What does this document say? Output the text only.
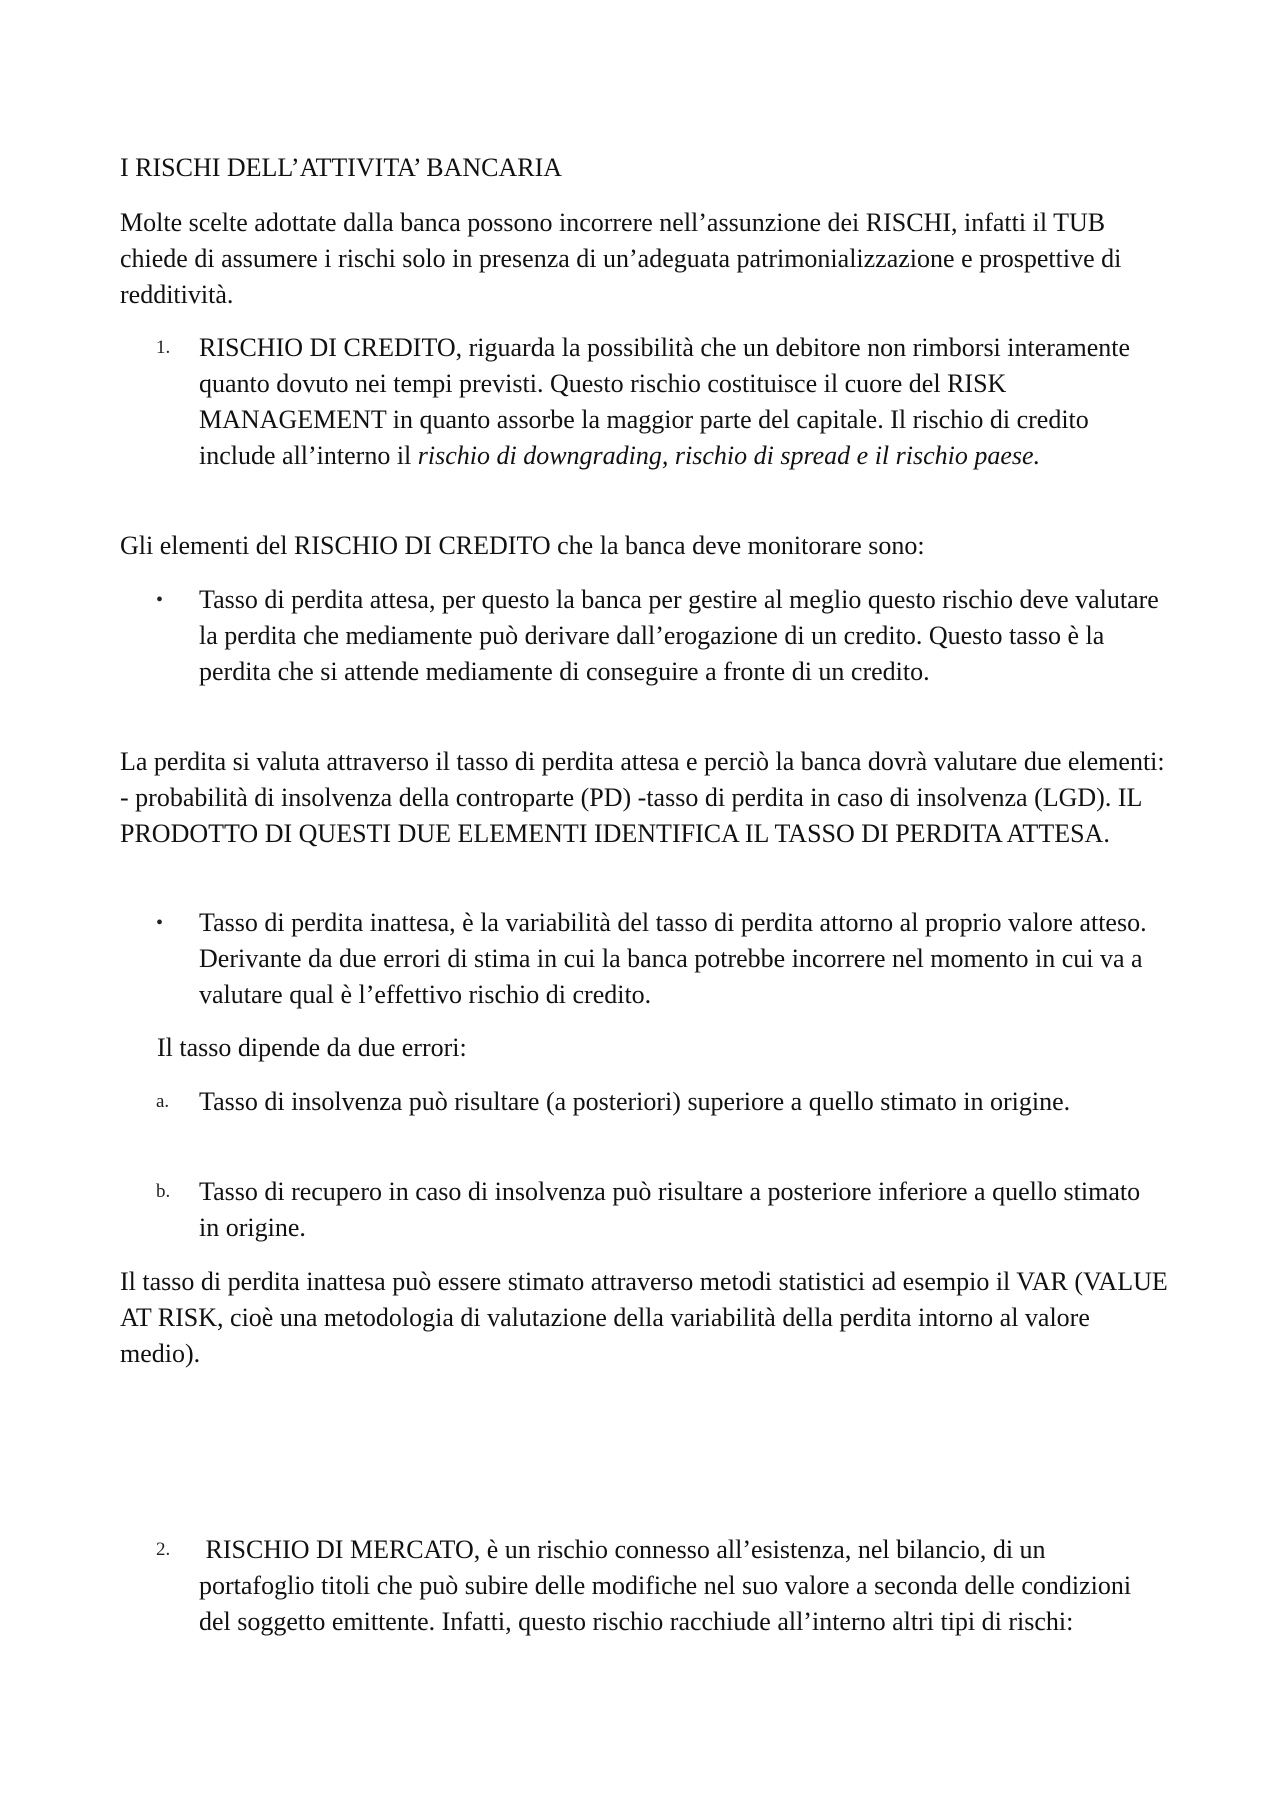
I RISCHI DELL’ATTIVITA’ BANCARIA

Molte scelte adottate dalla banca possono incorrere nell’assunzione dei RISCHI, infatti il TUB chiede di assumere i rischi solo in presenza di un’adeguata patrimonializzazione e prospettive di redditività.

1.	RISCHIO DI CREDITO, riguarda la possibilità che un debitore non rimborsi interamente quanto dovuto nei tempi previsti. Questo rischio costituisce il cuore del RISK MANAGEMENT in quanto assorbe la maggior parte del capitale. Il rischio di credito include all’interno il rischio di downgrading, rischio di spread e il rischio paese.

Gli elementi del RISCHIO DI CREDITO che la banca deve monitorare sono:

•	Tasso di perdita attesa, per questo la banca per gestire al meglio questo rischio deve valutare la perdita che mediamente può derivare dall’erogazione di un credito. Questo tasso è la perdita che si attende mediamente di conseguire a fronte di un credito.

La perdita si valuta attraverso il tasso di perdita attesa e perciò la banca dovrà valutare due elementi: - probabilità di insolvenza della controparte (PD) -tasso di perdita in caso di insolvenza (LGD). IL PRODOTTO DI QUESTI DUE ELEMENTI IDENTIFICA IL TASSO DI PERDITA ATTESA.

•	Tasso di perdita inattesa, è la variabilità del tasso di perdita attorno al proprio valore atteso. Derivante da due errori di stima in cui la banca potrebbe incorrere nel momento in cui va a valutare qual è l’effettivo rischio di credito.

Il tasso dipende da due errori:

a.	Tasso di insolvenza può risultare (a posteriori) superiore a quello stimato in origine.
b.	Tasso di recupero in caso di insolvenza può risultare a posteriore inferiore a quello stimato in origine.

Il tasso di perdita inattesa può essere stimato attraverso metodi statistici ad esempio il VAR (VALUE AT RISK, cioè una metodologia di valutazione della variabilità della perdita intorno al valore medio).

2.	RISCHIO DI MERCATO, è un rischio connesso all’esistenza, nel bilancio, di un portafoglio titoli che può subire delle modifiche nel suo valore a seconda delle condizioni del soggetto emittente. Infatti, questo rischio racchiude all’interno altri tipi di rischi:
